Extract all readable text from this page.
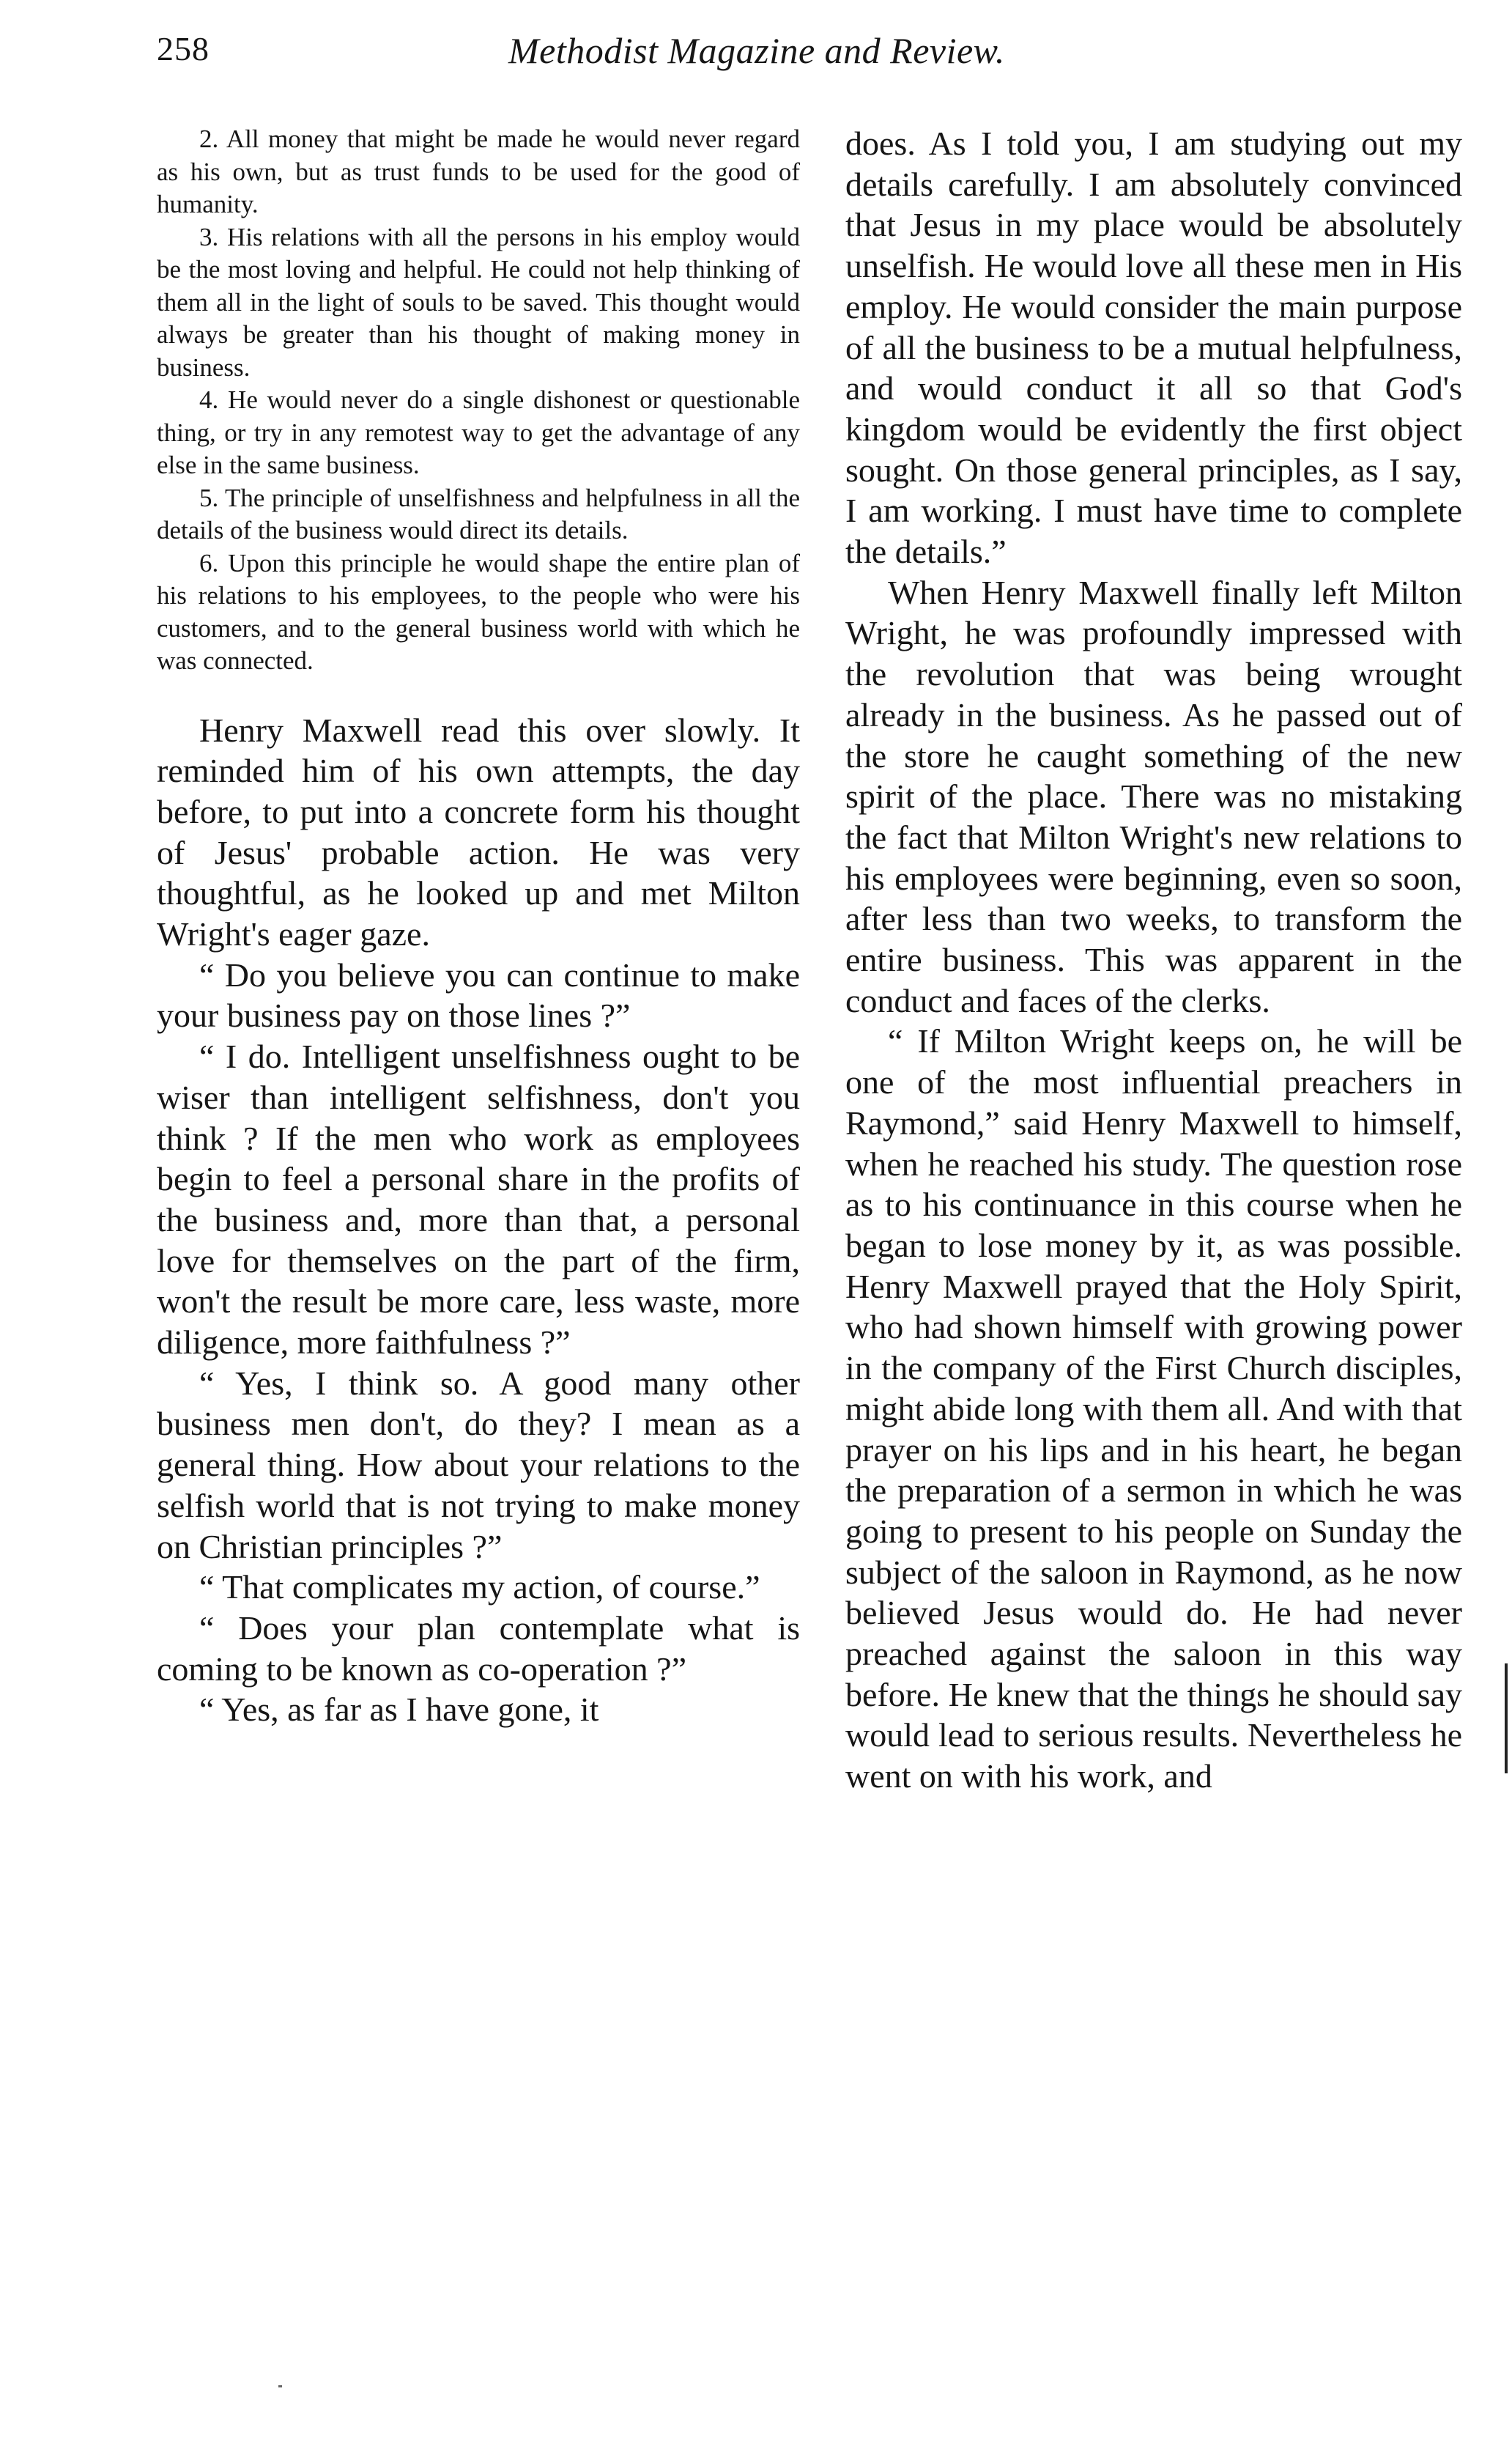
258	Methodist Magazine and Review.

2. All money that might be made he would never regard as his own, but as trust funds to be used for the good of humanity.

3. His relations with all the persons in his employ would be the most loving and helpful. He could not help thinking of them all in the light of souls to be saved. This thought would always be greater than his thought of making money in business.

4. He would never do a single dishonest or questionable thing, or try in any remotest way to get the advantage of any else in the same business.

5. The principle of unselfishness and helpfulness in all the details of the business would direct its details.

6. Upon this principle he would shape the entire plan of his relations to his employees, to the people who were his customers, and to the general business world with which he was connected.

Henry Maxwell read this over slowly. It reminded him of his own attempts, the day before, to put into a concrete form his thought of Jesus' probable action. He was very thoughtful, as he looked up and met Milton Wright's eager gaze.

“ Do you believe you can continue to make your business pay on those lines ?”

“ I do. Intelligent unselfishness ought to be wiser than intelligent selfishness, don't you think ? If the men who work as employees begin to feel a personal share in the profits of the business and, more than that, a personal love for themselves on the part of the firm, won't the result be more care, less waste, more diligence, more faithfulness ?”

“ Yes, I think so. A good many other business men don't, do they? I mean as a general thing. How about your relations to the selfish world that is not trying to make money on Christian principles ?”

“ That complicates my action, of course.”

“ Does your plan contemplate what is coming to be known as co-operation ?”

“ Yes, as far as I have gone, it

does. As I told you, I am studying out my details carefully. I am absolutely convinced that Jesus in my place would be absolutely unselfish. He would love all these men in His employ. He would consider the main purpose of all the business to be a mutual helpfulness, and would conduct it all so that God's kingdom would be evidently the first object sought. On those general principles, as I say, I am working. I must have time to complete the details.”

When Henry Maxwell finally left Milton Wright, he was profoundly impressed with the revolution that was being wrought already in the business. As he passed out of the store he caught something of the new spirit of the place. There was no mistaking the fact that Milton Wright's new relations to his employees were beginning, even so soon, after less than two weeks, to transform the entire business. This was apparent in the conduct and faces of the clerks.

“ If Milton Wright keeps on, he will be one of the most influential preachers in Raymond,” said Henry Maxwell to himself, when he reached his study. The question rose as to his continuance in this course when he began to lose money by it, as was possible. Henry Maxwell prayed that the Holy Spirit, who had shown himself with growing power in the company of the First Church disciples, might abide long with them all. And with that prayer on his lips and in his heart, he began the preparation of a sermon in which he was going to present to his people on Sunday the subject of the saloon in Raymond, as he now believed Jesus would do. He had never preached against the saloon in this way before. He knew that the things he should say would lead to serious results. Nevertheless he went on with his work, and
